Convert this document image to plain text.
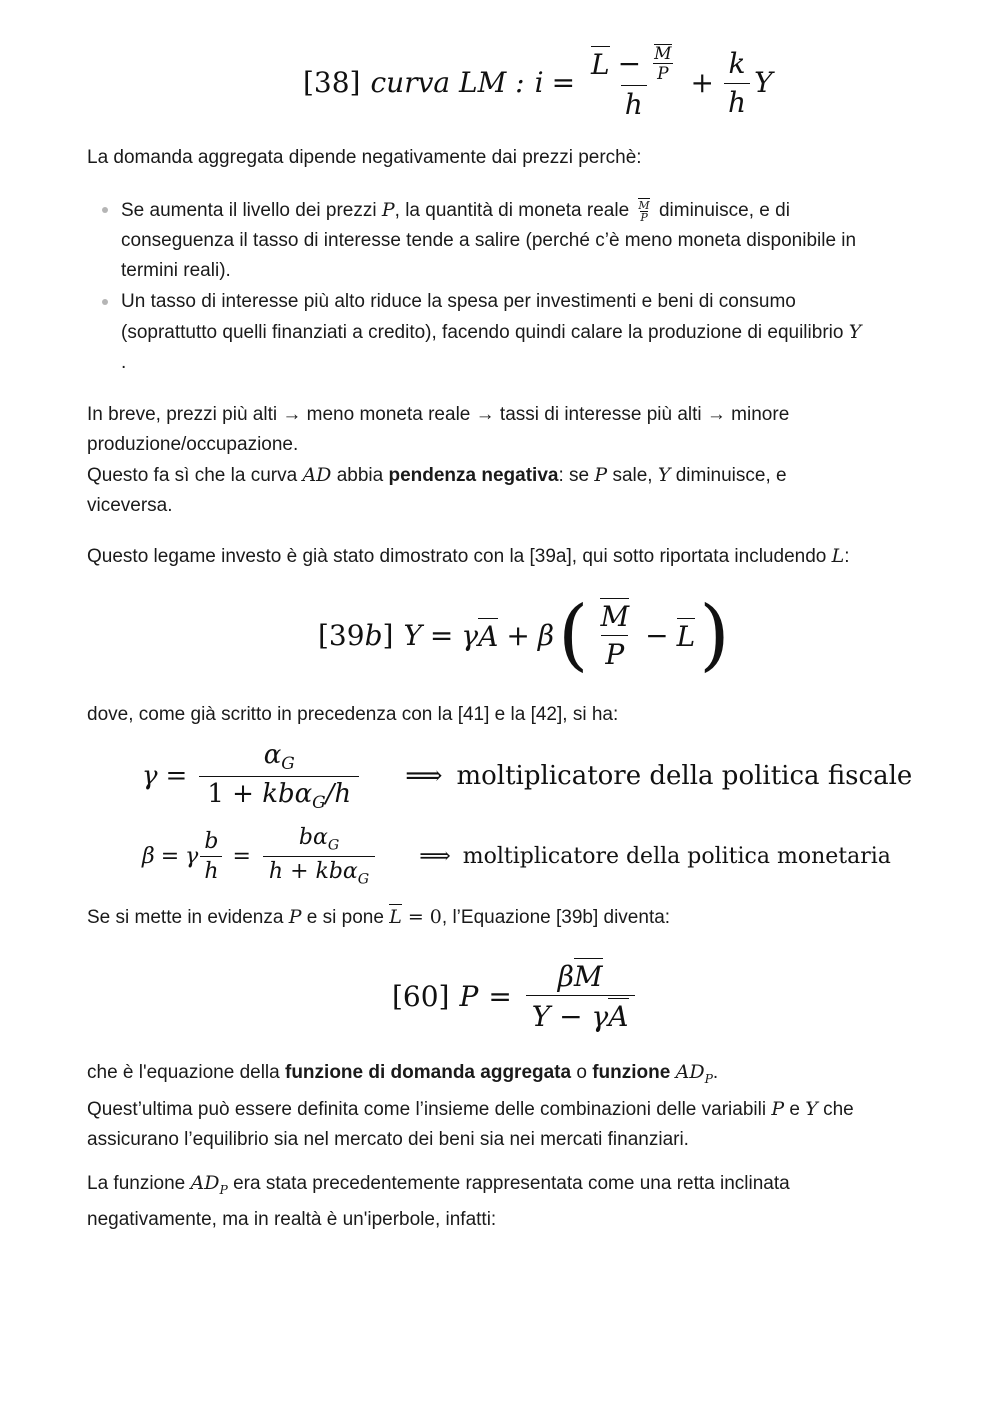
[38] curva LM : $i = \frac{L - \frac{M}{P}}{h} + \frac{k}{h}$ Y
La domanda aggregata dipende negativamente dai prezzi perchè:
Se aumenta il livello dei prezzi P, la quantità di moneta reale $\frac{M}{P}$ diminuisce, e di
conseguenza il tasso di interesse tende a salire (perché c’è meno moneta disponibile in
termini reali).
Un tasso di interesse più alto riduce la spesa per investimenti e beni di consumo
(soprattutto quelli finanziati a credito), facendo quindi calare la produzione di equilibrio Y
.
In breve, prezzi più alti → meno moneta reale → tassi di interesse più alti → minore
produzione/occupazione.
Questo fa sì che la curva AD abbia pendenza negativa: se P sale, Y diminuisce, e
viceversa.
Questo legame investo è già stato dimostrato con la [39a], qui sotto riportata includendo L:
[39 b ] Y = γ A + β ( $\frac{M}{P} - L$ )
dove, come già scritto in precedenza con la [41] e la [42], si ha:
$\gamma = \frac{\alpha_G}{1 + kb\alpha_G/h}$ ⟹ moltiplicatore della politica fiscale
β = γ $\frac{b}{h} = \frac{b\alpha_G}{h + kb\alpha_G}$ ⟹ moltiplicatore della politica monetaria
Se si mette in evidenza P e si pone L = 0, l’Equazione [39b] diventa:
[60] $P = \frac{\beta M}{Y - \gamma A}$
che è l'equazione della funzione di domanda aggregata o funzione $AD_P$.
Quest’ultima può essere definita come l’insieme delle combinazioni delle variabili P e Y che
assicurano l’equilibrio sia nel mercato dei beni sia nei mercati finanziari.
La funzione $AD_P$ era stata precedentemente rappresentata come una retta inclinata
negativamente, ma in realtà è un'iperbole, infatti:
